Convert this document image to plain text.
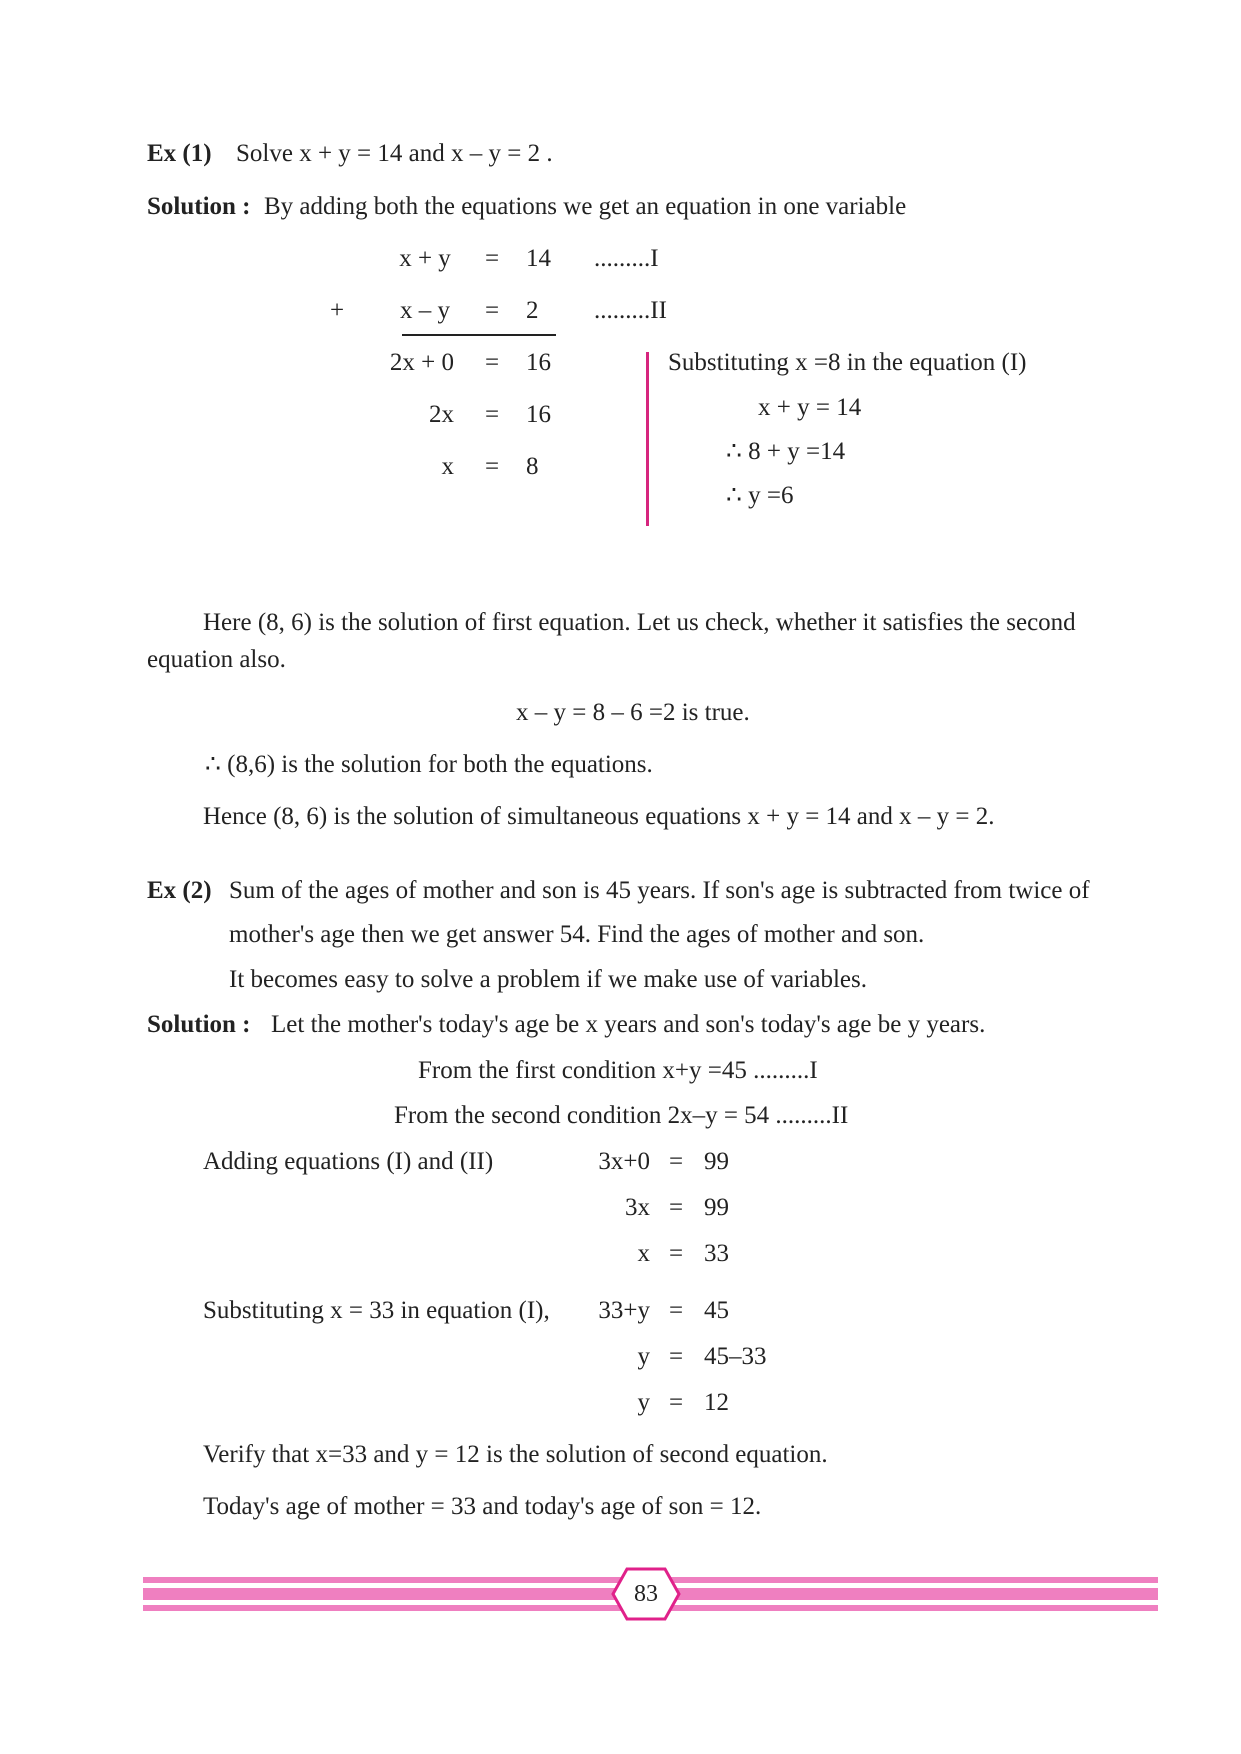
Ex (1) Solve x + y = 14 and x – y = 2 .
Solution : By adding both the equations we get an equation in one variable
x + y	= 14 .........I
+	x – y	= 2 .........II
2x + 0 = 16
2x = 16
x = 8
Substituting x =8 in the equation (I)
x + y = 14
∴ 8 + y =14
∴ y =6
Here (8, 6) is the solution of first equation. Let us check, whether it satisfies the second
equation also.
x – y = 8 – 6 =2 is true.
∴ (8,6) is the solution for both the equations.
Hence (8, 6) is the solution of simultaneous equations x + y = 14 and x – y = 2.
Ex (2) Sum of the ages of mother and son is 45 years. If son's age is subtracted from twice of
mother's age then we get answer 54. Find the ages of mother and son.
It becomes easy to solve a problem if we make use of variables.
Solution : Let the mother's today's age be x years and son's today's age be y years.
From the first condition x+y =45 .........I
From the second condition 2x–y = 54 .........II
Adding equations (I) and (II)	3x+0 = 99
3x = 99
x = 33
Substituting x = 33 in equation (I),	33+y = 45
y = 45–33
y = 12
Verify that x=33 and y = 12 is the solution of second equation.
Today's age of mother = 33 and today's age of son = 12.
83
